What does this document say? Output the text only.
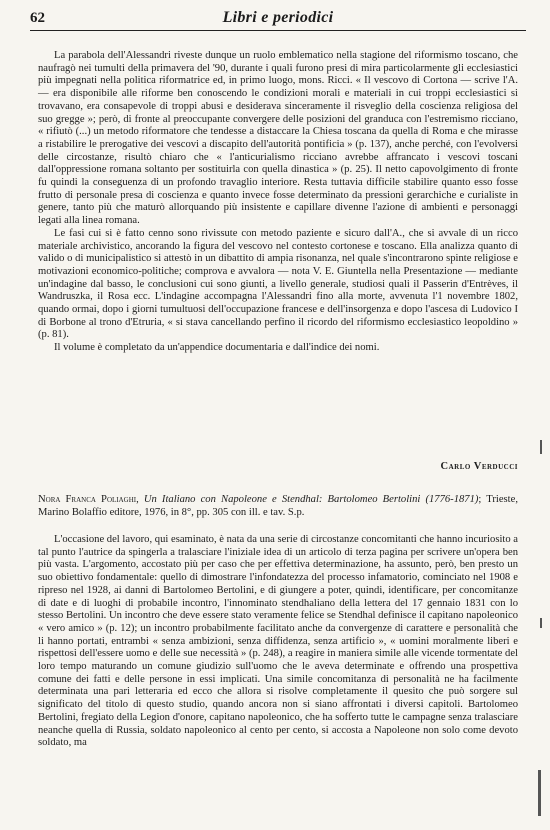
62	Libri e periodici

La parabola dell'Alessandri riveste dunque un ruolo emblematico nella stagione del riformismo toscano, che naufragò nei tumulti della primavera del '90, durante i quali furono presi di mira particolarmente gli ecclesiastici più impegnati nella politica riformatrice ed, in primo luogo, mons. Ricci. « Il vescovo di Cortona — scrive l'A. — era disponibile alle riforme ben conoscendo le condizioni morali e materiali in cui troppi ecclesiastici si trovavano, era consapevole di troppi abusi e desiderava sinceramente il risveglio della coscienza religiosa del suo gregge »; però, di fronte al preoccupante convergere delle posizioni del granduca con l'estremismo ricciano, « rifiutò (...) un metodo riformatore che tendesse a distaccare la Chiesa toscana da quella di Roma e che mirasse a ristabilire le prerogative dei vescovi a discapito dell'autorità pontificia » (p. 137), anche perché, con l'evolversi delle circostanze, risultò chiaro che « l'anticurialismo ricciano avrebbe affrancato i vescovi toscani dall'oppressione romana soltanto per sostituirla con quella dinastica » (p. 25). Il netto capovolgimento di fronte fu quindi la conseguenza di un profondo travaglio interiore. Resta tuttavia difficile stabilire quanto esso fosse frutto di personale presa di coscienza e quanto invece fosse determinato da pressioni gerarchiche e curialiste in genere, tanto più che maturò allorquando più insistente e capillare divenne l'azione di ambienti e personaggi legati alla linea romana.

Le fasi cui si è fatto cenno sono rivissute con metodo paziente e sicuro dall'A., che si avvale di un ricco materiale archivistico, ancorando la figura del vescovo nel contesto cortonese e toscano. Ella analizza quanto di valido o di municipalistico si attestò in un dibattito di ampia risonanza, nel quale s'incontrarono spinte religiose e motivazioni economico-politiche; comprova e avvalora — nota V. E. Giuntella nella Presentazione — mediante un'indagine dal basso, le conclusioni cui sono giunti, a livello generale, studiosi quali il Passerin d'Entrèves, il Wandruszka, il Rosa ecc. L'indagine accompagna l'Alessandri fino alla morte, avvenuta l'1 novembre 1802, quando ormai, dopo i giorni tumultuosi dell'occupazione francese e dell'insorgenza e dopo l'ascesa di Ludovico I di Borbone al trono d'Etruria, « si stava cancellando perfino il ricordo del riformismo ecclesiastico leopoldino » (p. 81).

Il volume è completato da un'appendice documentaria e dall'indice dei nomi.

Carlo Verducci
Nora Franca Poliaghi, Un Italiano con Napoleone e Stendhal: Bartolomeo Bertolini (1776-1871); Trieste, Marino Bolaffio editore, 1976, in 8°, pp. 305 con ill. e tav. S.p.

L'occasione del lavoro, qui esaminato, è nata da una serie di circostanze concomitanti che hanno incuriosito a tal punto l'autrice da spingerla a tralasciare l'iniziale idea di un articolo di terza pagina per scrivere un'opera ben più vasta. L'argomento, accostato più per caso che per effettiva determinazione, ha assunto, però, ben presto un suo obiettivo fondamentale: quello di dimostrare l'infondatezza del processo infamatorio, cominciato nel 1908 e ripreso nel 1928, ai danni di Bartolomeo Bertolini, e di giungere a poter, quindi, identificare, per concomitanze di date e di luoghi di probabile incontro, l'innominato stendhaliano della lettera del 17 gennaio 1831 con lo stesso Bertolini. Un incontro che deve essere stato veramente felice se Stendhal definisce il capitano napoleonico « vero amico » (p. 12); un incontro probabilmente facilitato anche da convergenze di carattere e personalità che li hanno portati, entrambi « senza ambizioni, senza diffidenza, senza artificio », « uomini moralmente liberi e rispettosi dell'essere uomo e delle sue necessità » (p. 248), a reagire in maniera simile alle vicende tormentate del loro tempo maturando un comune giudizio sull'uomo che le aveva determinate e offrendo una prospettiva comune dei fatti e delle persone in essi implicati. Una simile concomitanza di personalità ne ha facilmente determinata una pari letteraria ed ecco che allora si risolve completamente il quesito che può sorgere sul significato del titolo di questo studio, quando ancora non si siano affrontati i diversi capitoli. Bartolomeo Bertolini, fregiato della Legion d'onore, capitano napoleonico, che ha sofferto tutte le campagne senza tralasciare neanche quella di Russia, soldato napoleonico al cento per cento, si accosta a Napoleone non solo come devoto soldato, ma
